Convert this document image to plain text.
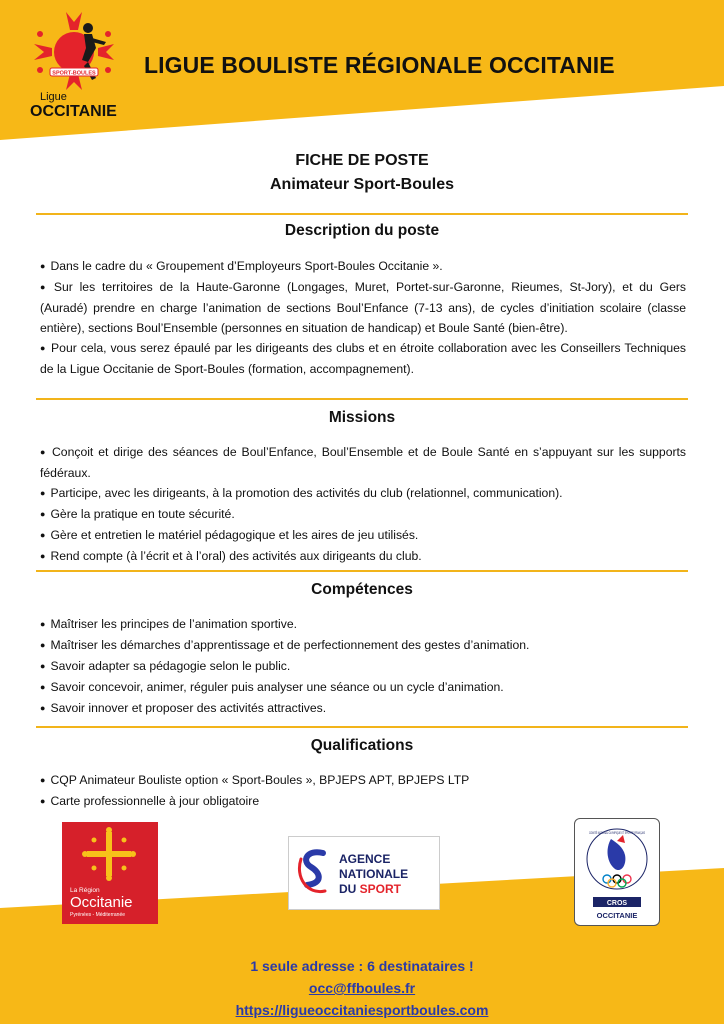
SPORT-BOULES
Ligue
OCCITANIE
LIGUE BOULISTE RÉGIONALE OCCITANIE
FICHE DE POSTE
Animateur Sport-Boules
Description du poste
● Dans le cadre du « Groupement d’Employeurs Sport-Boules Occitanie ».
● Sur les territoires de la Haute-Garonne (Longages, Muret, Portet-sur-Garonne, Rieumes, St-Jory), et du Gers (Auradé) prendre en charge l’animation de sections Boul’Enfance (7-13 ans), de cycles d’initiation scolaire (classe entière), sections Boul’Ensemble (personnes en situation de handicap) et Boule Santé (bien-être).
● Pour cela, vous serez épaulé par les dirigeants des clubs et en étroite collaboration avec les Conseillers Techniques de la Ligue Occitanie de Sport-Boules (formation, accompagnement).
Missions
● Conçoit et dirige des séances de Boul’Enfance, Boul’Ensemble et de Boule Santé en s’appuyant sur les supports fédéraux.
● Participe, avec les dirigeants, à la promotion des activités du club (relationnel, communication).
● Gère la pratique en toute sécurité.
● Gère et entretien le matériel pédagogique et les aires de jeu utilisés.
● Rend compte (à l’écrit et à l’oral) des activités aux dirigeants du club.
Compétences
● Maîtriser les principes de l’animation sportive.
● Maîtriser les démarches d’apprentissage et de perfectionnement des gestes d’animation.
● Savoir adapter sa pédagogie selon le public.
● Savoir concevoir, animer, réguler puis analyser une séance ou un cycle d’animation.
● Savoir innover et proposer des activités attractives.
Qualifications
● CQP Animateur Bouliste option « Sport-Boules », BPJEPS APT, BPJEPS LTP
● Carte professionnelle à jour obligatoire
La Région
Occitanie
Pyrénées - Méditerranée
AGENCE
NATIONALE
DU SPORT
COMITÉ NATIONAL OLYMPIQUE ET SPORTIF FRANÇAIS
CROS
OCCITANIE
1 seule adresse : 6 destinataires !
occ@ffboules.fr
https://ligueoccitaniesportboules.com
